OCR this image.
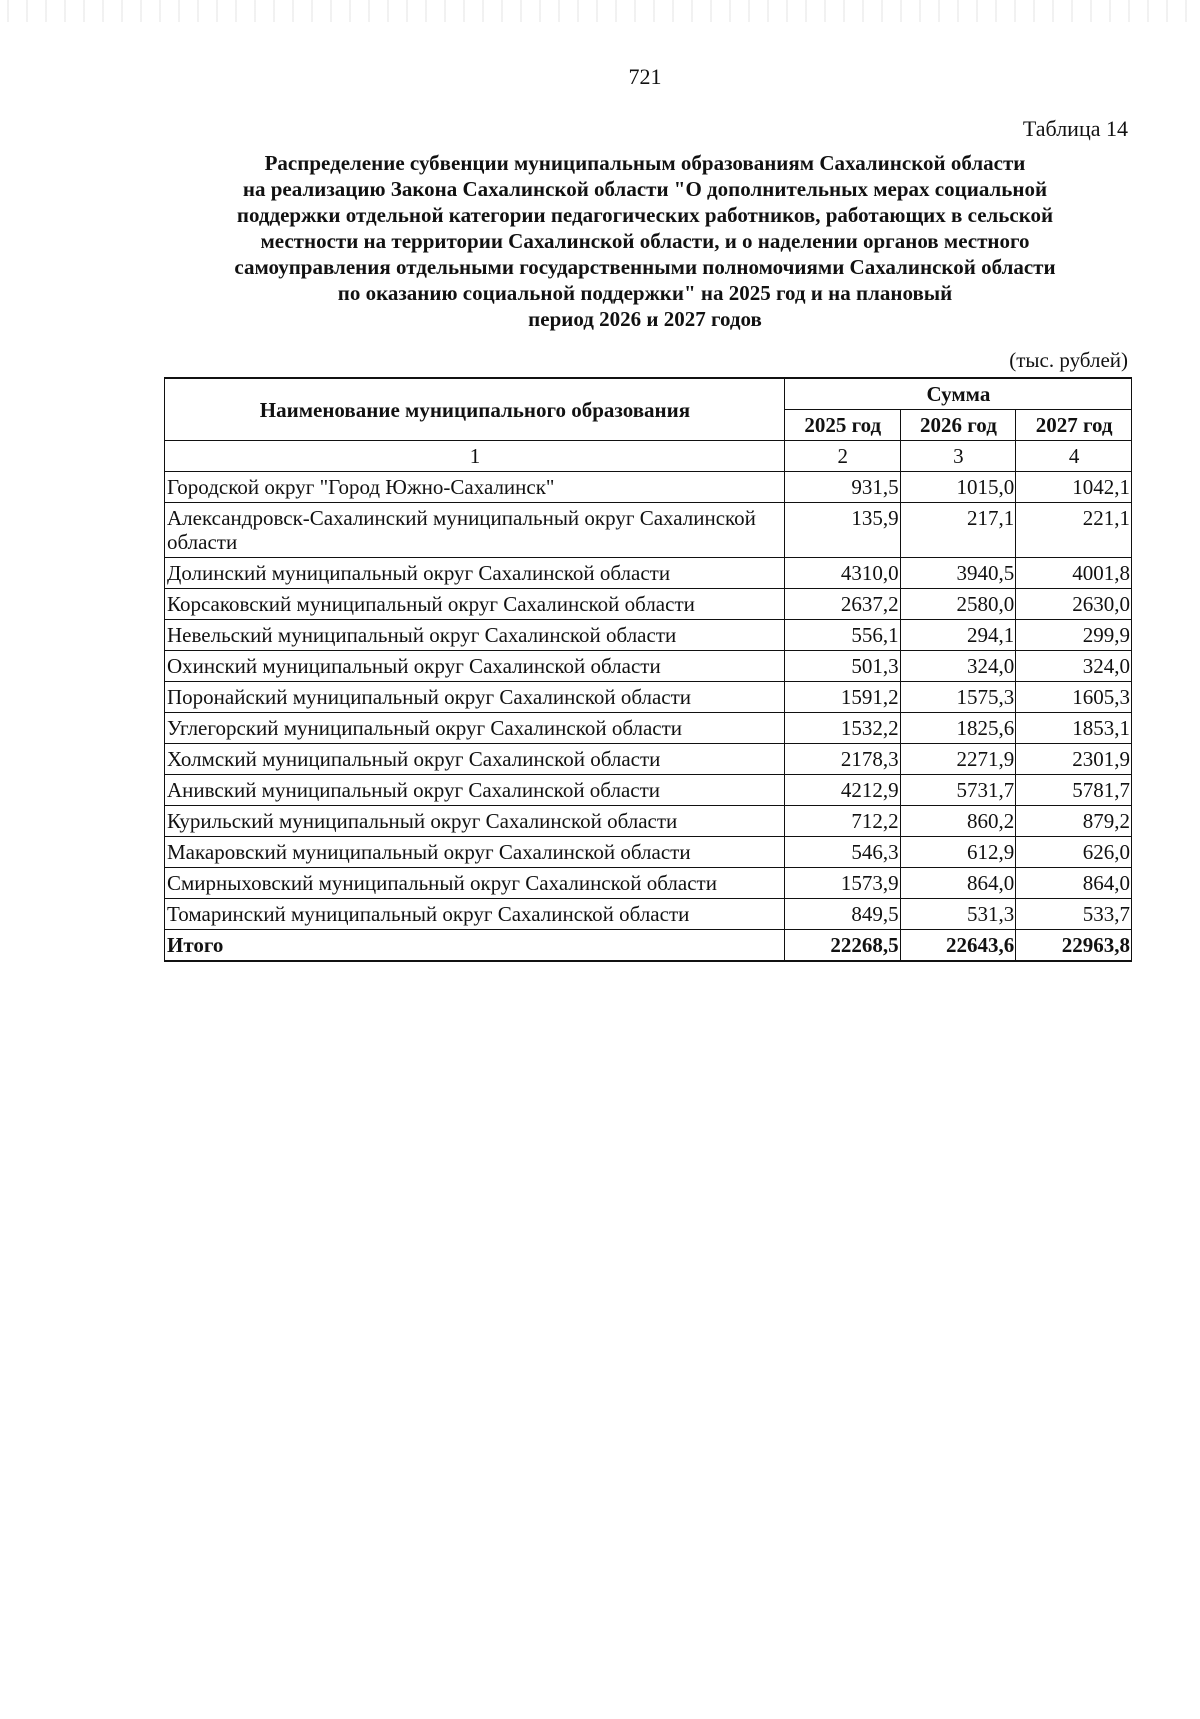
721
Таблица 14
Распределение субвенции муниципальным образованиям Сахалинской области
на реализацию Закона Сахалинской области "О дополнительных мерах социальной
поддержки отдельной категории педагогических работников, работающих в сельской
местности на территории Сахалинской области, и о наделении органов местного
самоуправления отдельными государственными полномочиями Сахалинской области
по оказанию социальной поддержки" на 2025 год и на плановый
период 2026 и 2027 годов
(тыс. рублей)
Наименование муниципального образования	Сумма		
	2025 год	2026 год	2027 год
1	2	3	4
Городской округ "Город Южно-Сахалинск"	931,5	1015,0	1042,1
Александровск-Сахалинский муниципальный округ Сахалинской области	135,9	217,1	221,1
Долинский муниципальный округ Сахалинской области	4310,0	3940,5	4001,8
Корсаковский муниципальный округ Сахалинской области	2637,2	2580,0	2630,0
Невельский муниципальный округ Сахалинской области	556,1	294,1	299,9
Охинский муниципальный округ Сахалинской области	501,3	324,0	324,0
Поронайский муниципальный округ Сахалинской области	1591,2	1575,3	1605,3
Углегорский муниципальный округ Сахалинской области	1532,2	1825,6	1853,1
Холмский муниципальный округ Сахалинской области	2178,3	2271,9	2301,9
Анивский муниципальный округ Сахалинской области	4212,9	5731,7	5781,7
Курильский муниципальный округ Сахалинской области	712,2	860,2	879,2
Макаровский муниципальный округ Сахалинской области	546,3	612,9	626,0
Смирныховский муниципальный округ Сахалинской области	1573,9	864,0	864,0
Томаринский муниципальный округ Сахалинской области	849,5	531,3	533,7
Итого	22268,5	22643,6	22963,8
